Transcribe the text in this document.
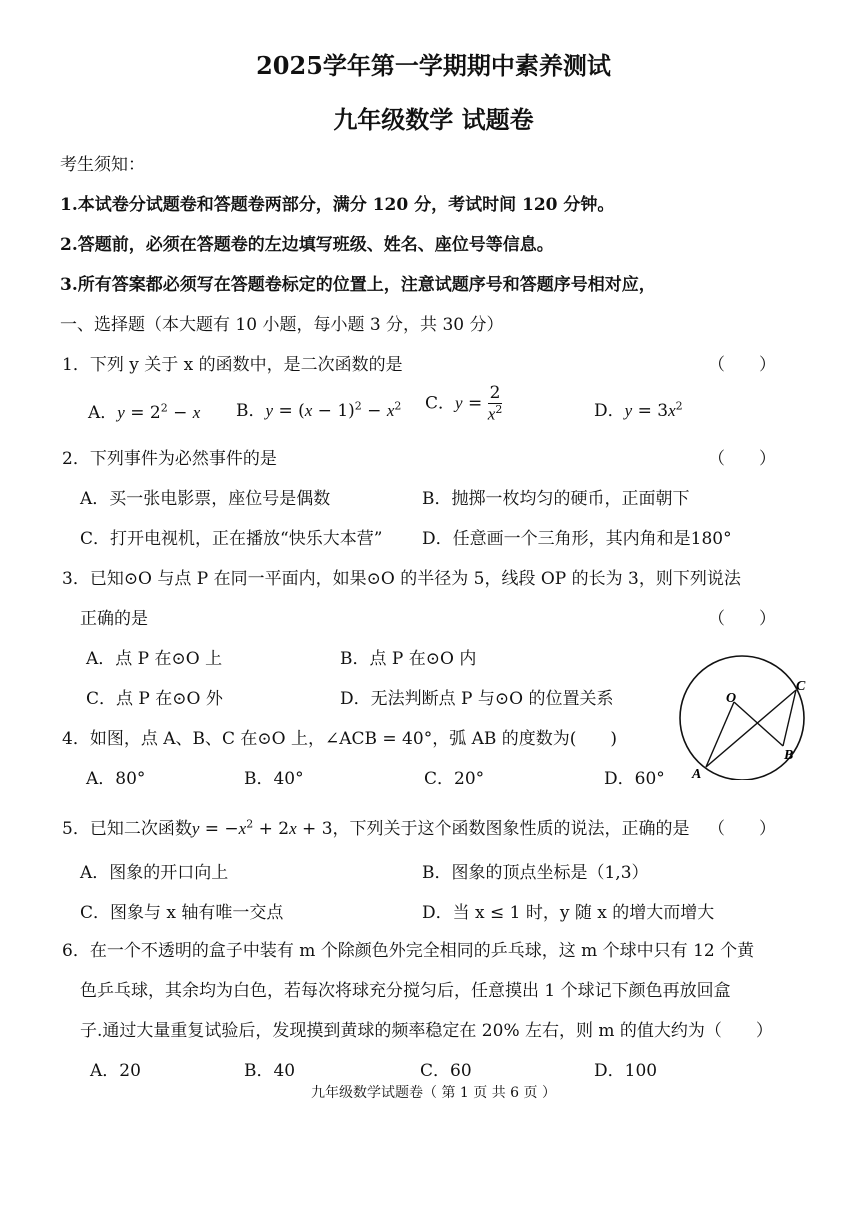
2025学年第一学期期中素养测试
九年级数学 试题卷
考生须知：
1.本试卷分试题卷和答题卷两部分，满分 120 分，考试时间 120 分钟。
2.答题前，必须在答题卷的左边填写班级、姓名、座位号等信息。
3.所有答案都必须写在答题卷标定的位置上，注意试题序号和答题序号相对应，
一、选择题（本大题有 10 小题，每小题 3 分，共 30 分）
1．下列 y 关于 x 的函数中，是二次函数的是	（　　）
A．$y = 2^2 - x$ B．$y = (x - 1)^2 - x^2$ C．$y = \frac{2}{x^2}$	D．$y = 3x^2$
2．下列事件为必然事件的是	（　　）
A．买一张电影票，座位号是偶数	B．抛掷一枚均匀的硬币，正面朝下
C．打开电视机，正在播放“快乐大本营” D．任意画一个三角形，其内角和是180°
3．已知⊙O 与点 P 在同一平面内，如果⊙O 的半径为 5，线段 OP 的长为 3，则下列说法
正确的是	（　　）
A．点 P 在⊙O 上	B．点 P 在⊙O 内
C．点 P 在⊙O 外	D．无法判断点 P 与⊙O 的位置关系
4．如图，点 A、B、C 在⊙O 上，∠ACB = 40°，弧 AB 的度数为(　　)
A．80°	B．40°	C．20°	D．60°
O
C
B
A
5．已知二次函数$y = -x^2 + 2x + 3$，下列关于这个函数图象性质的说法，正确的是 （　　）
A．图象的开口向上	B．图象的顶点坐标是（1,3）
C．图象与 x 轴有唯一交点	D．当 x ≤ 1 时，y 随 x 的增大而增大
6．在一个不透明的盒子中装有 m 个除颜色外完全相同的乒乓球，这 m 个球中只有 12 个黄
色乒乓球，其余均为白色，若每次将球充分搅匀后，任意摸出 1 个球记下颜色再放回盒
子.通过大量重复试验后，发现摸到黄球的频率稳定在 20% 左右，则 m 的值大约为（　　）
A．20	B．40	C．60	D．100
九年级数学试题卷（ 第 1 页 共 6 页 ）
